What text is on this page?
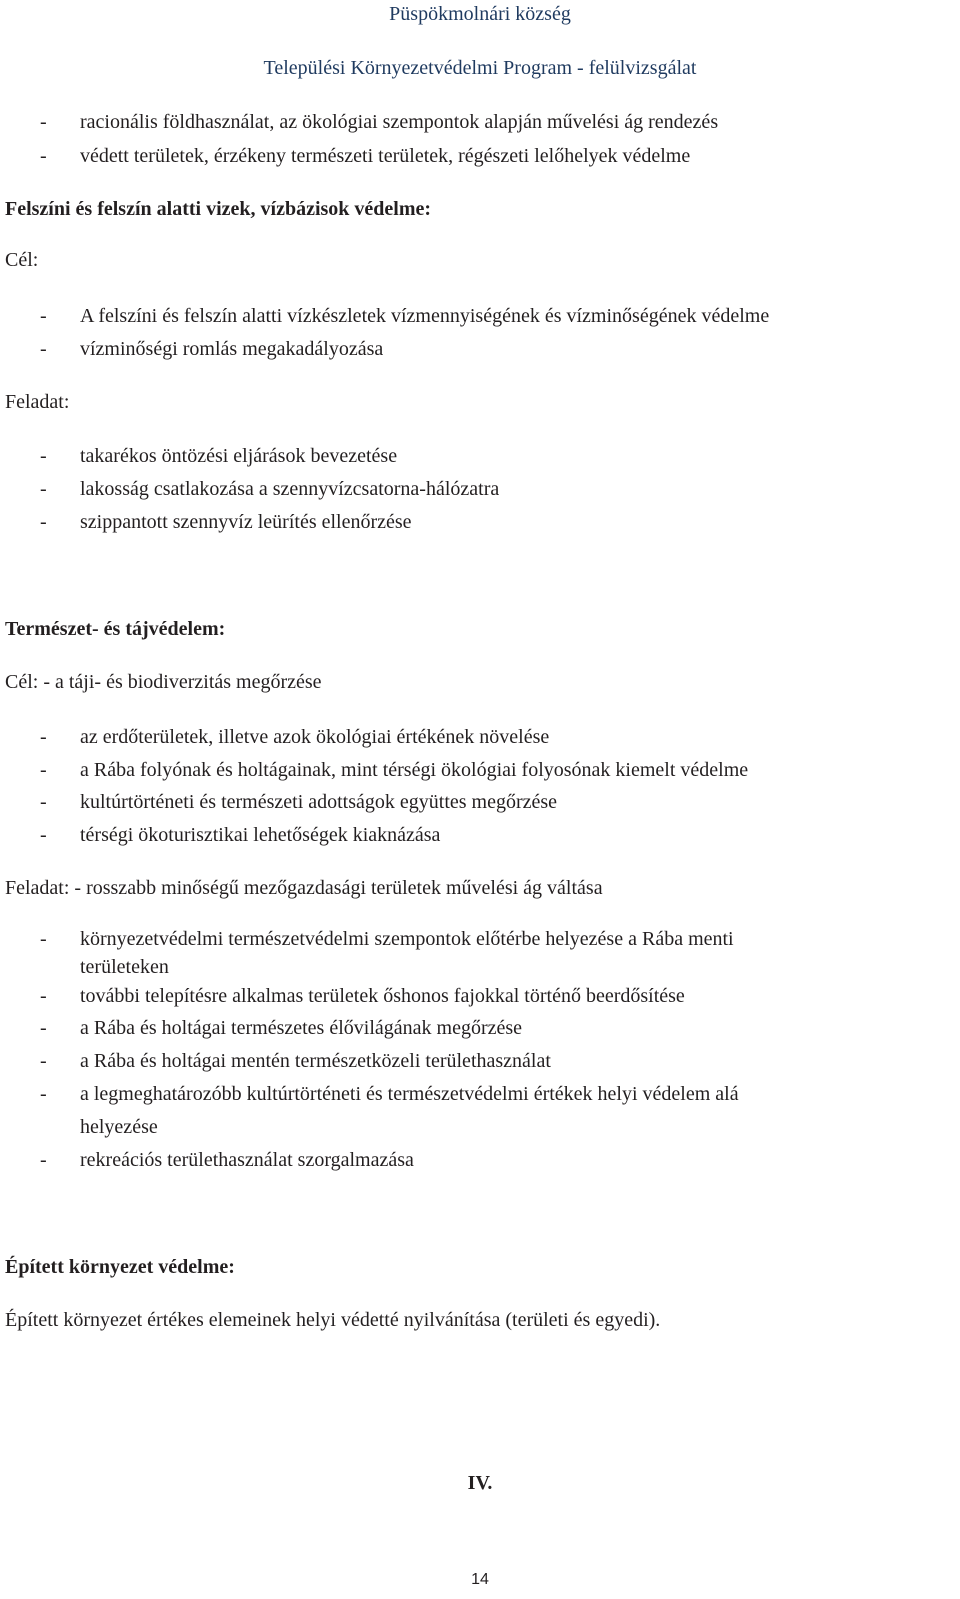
Püspökmolnári község
Települési Környezetvédelmi Program - felülvizsgálat
- racionális földhasználat, az ökológiai szempontok alapján művelési ág rendezés
- védett területek, érzékeny természeti területek, régészeti lelőhelyek védelme
Felszíni és felszín alatti vizek, vízbázisok védelme:
Cél:
- A felszíni és felszín alatti vízkészletek vízmennyiségének és vízminőségének védelme
- vízminőségi romlás megakadályozása
Feladat:
- takarékos öntözési eljárások bevezetése
- lakosság csatlakozása a szennyvízcsatorna-hálózatra
- szippantott szennyvíz leürítés ellenőrzése
Természet- és tájvédelem:
Cél: - a táji- és biodiverzitás megőrzése
- az erdőterületek, illetve azok ökológiai értékének növelése
- a Rába folyónak és holtágainak, mint térségi ökológiai folyosónak kiemelt védelme
- kultúrtörténeti és természeti adottságok együttes megőrzése
- térségi ökoturisztikai lehetőségek kiaknázása
Feladat: - rosszabb minőségű mezőgazdasági területek művelési ág váltása
- környezetvédelmi természetvédelmi szempontok előtérbe helyezése a Rába menti
területeken
- további telepítésre alkalmas területek őshonos fajokkal történő beerdősítése
- a Rába és holtágai természetes élővilágának megőrzése
- a Rába és holtágai mentén természetközeli területhasználat
- a legmeghatározóbb kultúrtörténeti és természetvédelmi értékek helyi védelem alá
helyezése
- rekreációs területhasználat szorgalmazása
Épített környezet védelme:
Épített környezet értékes elemeinek helyi védetté nyilvánítása (területi és egyedi).
IV.
14
